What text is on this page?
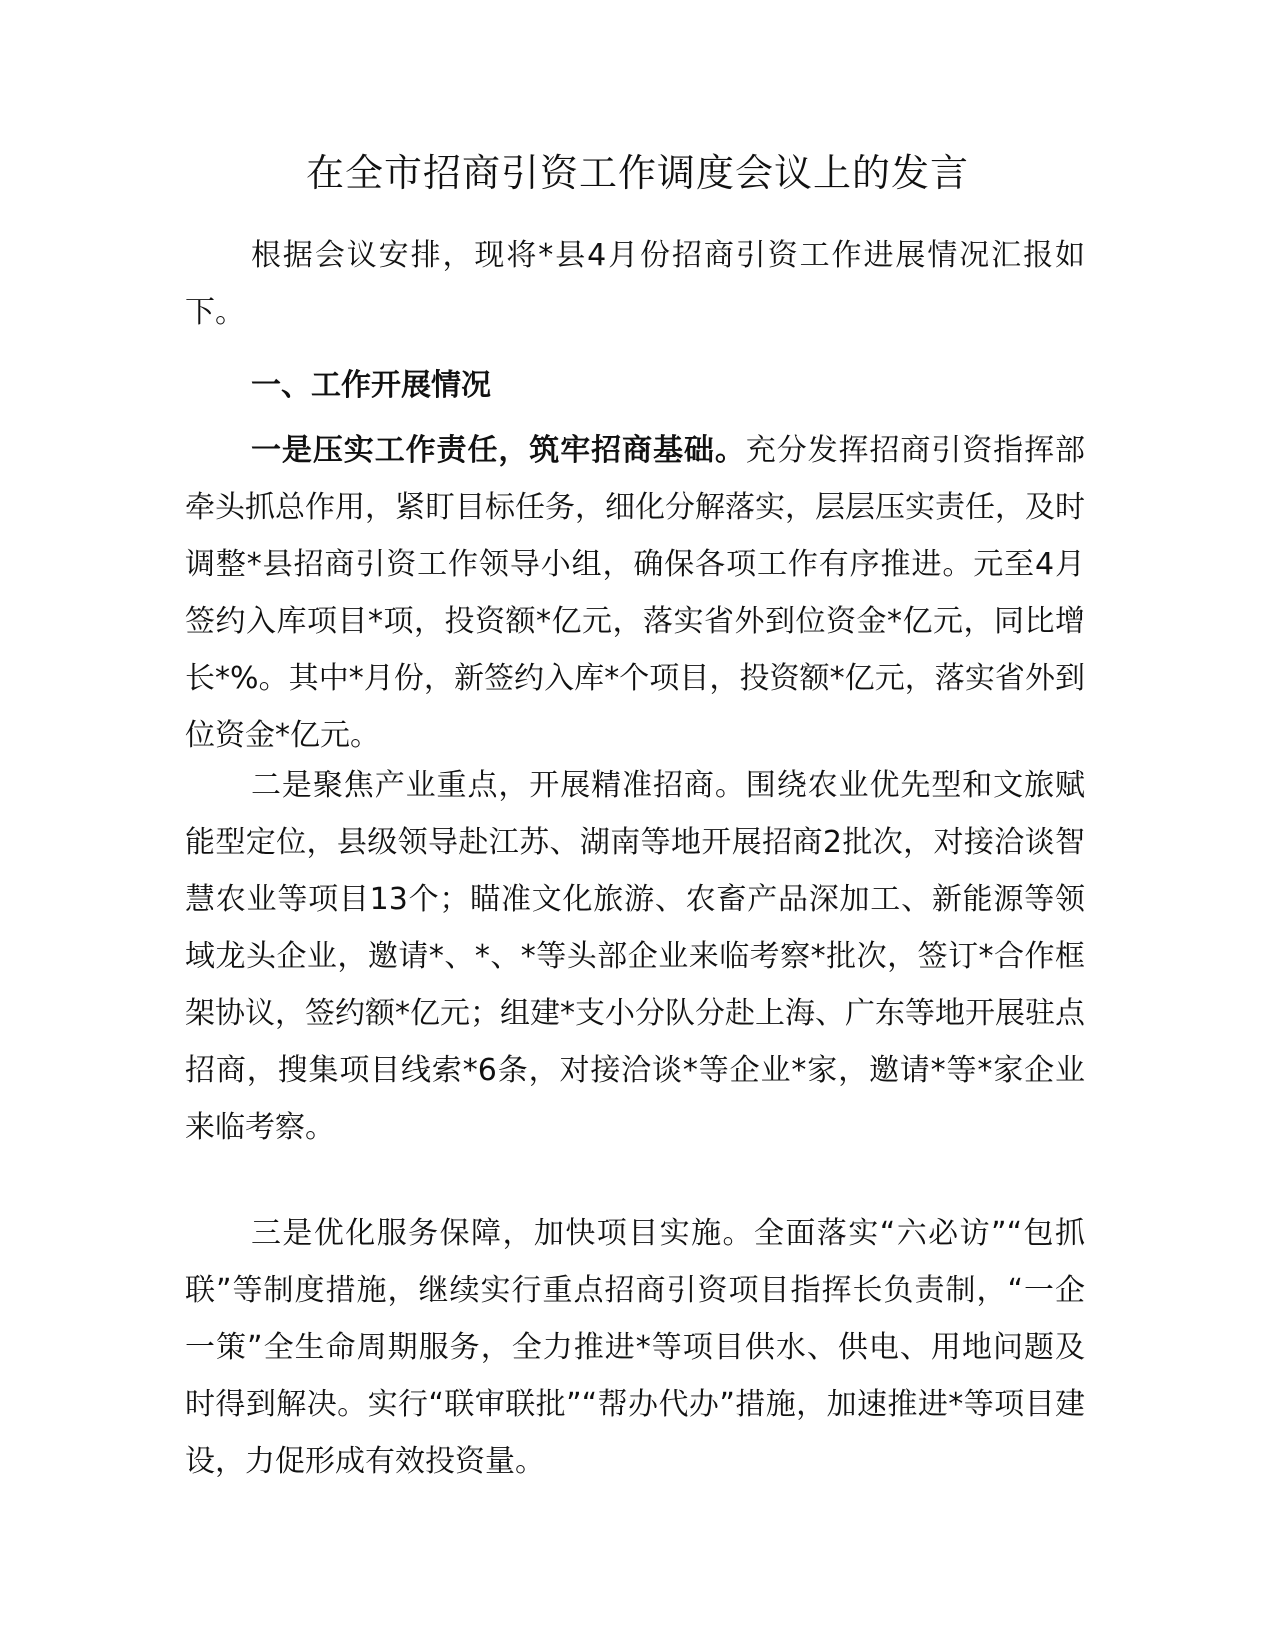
在全市招商引资工作调度会议上的发言

根据会议安排，现将*县4月份招商引资工作进展情况汇报如下。

一、工作开展情况

一是压实工作责任，筑牢招商基础。充分发挥招商引资指挥部牵头抓总作用，紧盯目标任务，细化分解落实，层层压实责任，及时调整*县招商引资工作领导小组，确保各项工作有序推进。元至4月签约入库项目*项，投资额*亿元，落实省外到位资金*亿元，同比增长*%。其中*月份，新签约入库*个项目，投资额*亿元，落实省外到位资金*亿元。

二是聚焦产业重点，开展精准招商。围绕农业优先型和文旅赋能型定位，县级领导赴江苏、湖南等地开展招商2批次，对接洽谈智慧农业等项目13个；瞄准文化旅游、农畜产品深加工、新能源等领域龙头企业，邀请*、*、*等头部企业来临考察*批次，签订*合作框架协议，签约额*亿元；组建*支小分队分赴上海、广东等地开展驻点招商，搜集项目线索*6条，对接洽谈*等企业*家，邀请*等*家企业来临考察。

三是优化服务保障，加快项目实施。全面落实“六必访”“包抓联”等制度措施，继续实行重点招商引资项目指挥长负责制，“一企一策”全生命周期服务，全力推进*等项目供水、供电、用地问题及时得到解决。实行“联审联批”“帮办代办”措施，加速推进*等项目建设，力促形成有效投资量。
